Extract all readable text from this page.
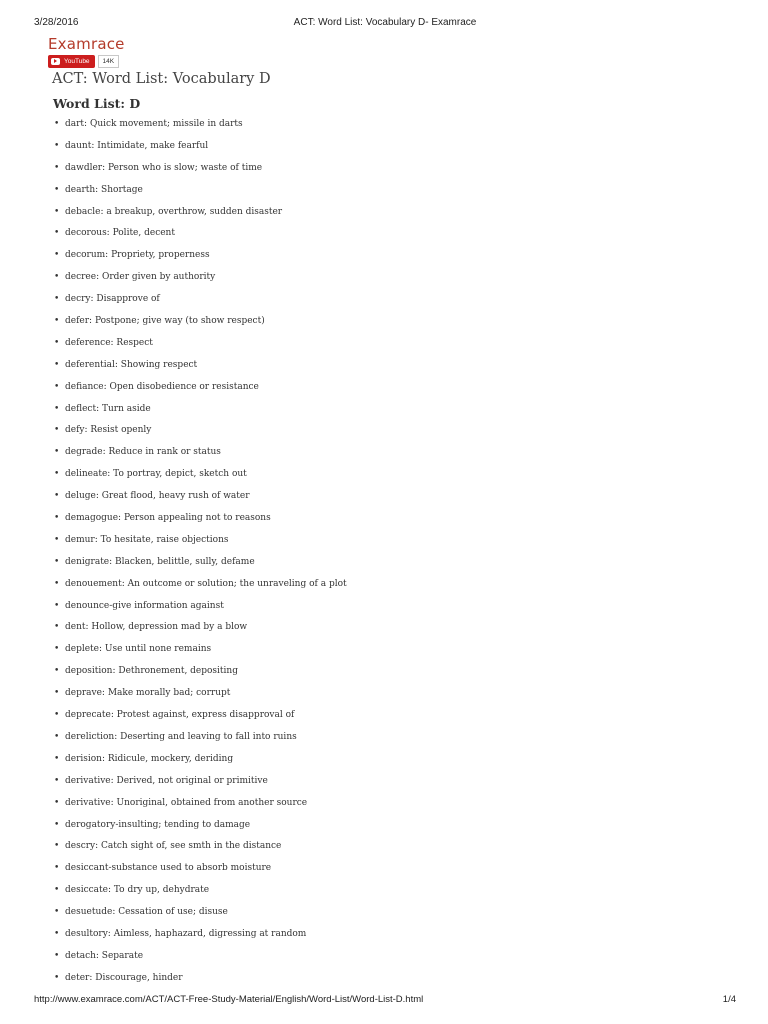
3/28/2016	ACT: Word List: Vocabulary D- Examrace
Examrace
YouTube	14K
ACT: Word List: Vocabulary D
Word List: D
• dart: Quick movement; missile in darts
• daunt: Intimidate, make fearful
• dawdler: Person who is slow; waste of time
• dearth: Shortage
• debacle: a breakup, overthrow, sudden disaster
• decorous: Polite, decent
• decorum: Propriety, properness
• decree: Order given by authority
• decry: Disapprove of
• defer: Postpone; give way (to show respect)
• deference: Respect
• deferential: Showing respect
• defiance: Open disobedience or resistance
• deflect: Turn aside
• defy: Resist openly
• degrade: Reduce in rank or status
• delineate: To portray, depict, sketch out
• deluge: Great flood, heavy rush of water
• demagogue: Person appealing not to reasons
• demur: To hesitate, raise objections
• denigrate: Blacken, belittle, sully, defame
• denouement: An outcome or solution; the unraveling of a plot
• denounce-give information against
• dent: Hollow, depression mad by a blow
• deplete: Use until none remains
• deposition: Dethronement, depositing
• deprave: Make morally bad; corrupt
• deprecate: Protest against, express disapproval of
• dereliction: Deserting and leaving to fall into ruins
• derision: Ridicule, mockery, deriding
• derivative: Derived, not original or primitive
• derivative: Unoriginal, obtained from another source
• derogatory-insulting; tending to damage
• descry: Catch sight of, see smth in the distance
• desiccant-substance used to absorb moisture
• desiccate: To dry up, dehydrate
• desuetude: Cessation of use; disuse
• desultory: Aimless, haphazard, digressing at random
• detach: Separate
• deter: Discourage, hinder
http://www.examrace.com/ACT/ACT-Free-Study-Material/English/Word-List/Word-List-D.html	1/4
